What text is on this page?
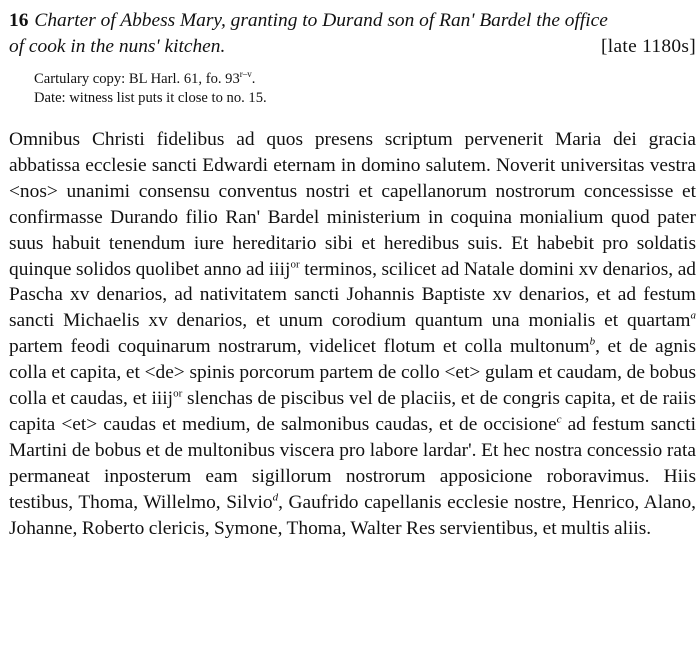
16 Charter of Abbess Mary, granting to Durand son of Ran' Bardel the office
of cook in the nuns' kitchen.	[late 1180s]
Cartulary copy: BL Harl. 61, fo. 93$^{r-v}$.
Date: witness list puts it close to no. 15.
Omnibus Christi fidelibus ad quos presens scriptum pervenerit Maria dei gracia abbatissa ecclesie sancti Edwardi eternam in domino salutem. Noverit universitas vestra <nos> unanimi consensu conventus nostri et capellanorum nostrorum concessisse et confirmasse Durando filio Ran' Bardel ministerium in coquina monialium quod pater suus habuit tenendum iure hereditario sibi et heredibus suis. Et habebit pro soldatis quinque solidos quolibet anno ad iiij$^{or}$ terminos, scilicet ad Natale domini xv denarios, ad Pascha xv denarios, ad nativitatem sancti Johannis Baptiste xv denarios, et ad festum sancti Michaelis xv denarios, et unum corodium quantum una monialis et quartam$^a$ partem feodi coquinarum nostrarum, videlicet flotum et colla multonum$^b$, et de agnis colla et capita, et <de> spinis porcorum partem de collo <et> gulam et caudam, de bobus colla et caudas, et iiij$^{or}$ slenchas de piscibus vel de placiis, et de congris capita, et de raiis capita <et> caudas et medium, de salmonibus caudas, et de occisione$^c$ ad festum sancti Martini de bobus et de multonibus viscera pro labore lardar'. Et hec nostra concessio rata permaneat inposterum eam sigillorum nostrorum apposicione roboravimus. Hiis testibus, Thoma, Willelmo, Silvio$^d$, Gaufrido capellanis ecclesie nostre, Henrico, Alano, Johanne, Roberto clericis, Symone, Thoma, Walter Res servientibus, et multis aliis.
